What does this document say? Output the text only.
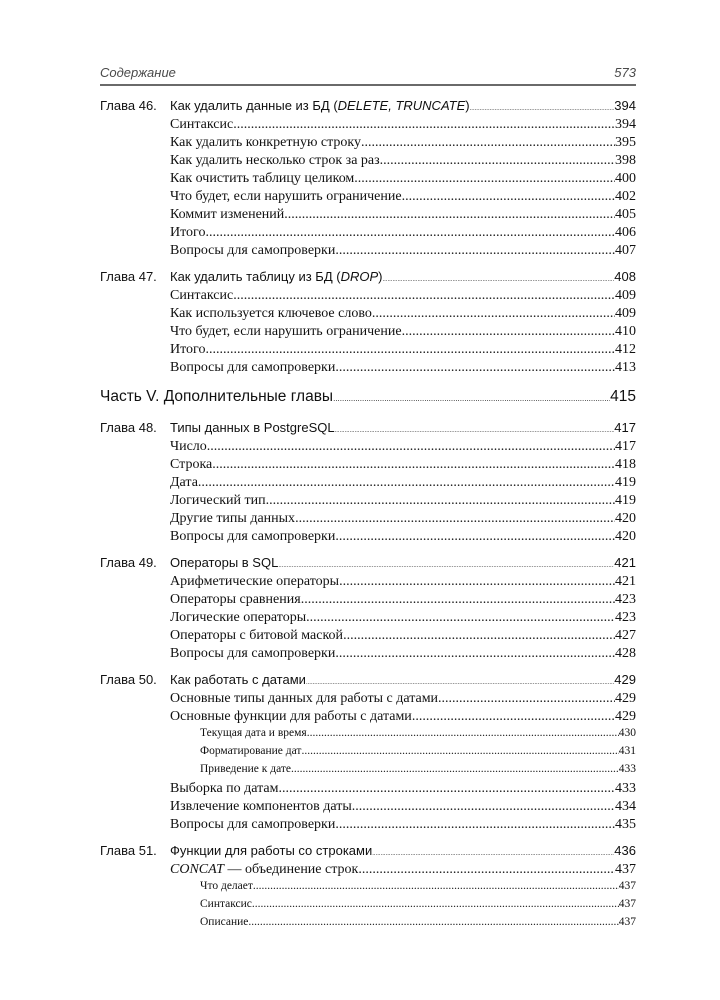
Содержание	573
Глава 46. Как удалить данные из БД (DELETE, TRUNCATE) .....	394
Синтаксис .....	394
Как удалить конкретную строку .....	395
Как удалить несколько строк за раз .....	398
Как очистить таблицу целиком .....	400
Что будет, если нарушить ограничение .....	402
Коммит изменений .....	405
Итого .....	406
Вопросы для самопроверки .....	407
Глава 47. Как удалить таблицу из БД (DROP) .....	408
Синтаксис .....	409
Как используется ключевое слово .....	409
Что будет, если нарушить ограничение .....	410
Итого .....	412
Вопросы для самопроверки .....	413
Часть V. Дополнительные главы .....	415
Глава 48. Типы данных в PostgreSQL .....	417
Число .....	417
Строка .....	418
Дата .....	419
Логический тип .....	419
Другие типы данных .....	420
Вопросы для самопроверки .....	420
Глава 49. Операторы в SQL .....	421
Арифметические операторы .....	421
Операторы сравнения .....	423
Логические операторы .....	423
Операторы с битовой маской .....	427
Вопросы для самопроверки .....	428
Глава 50. Как работать с датами .....	429
Основные типы данных для работы с датами .....	429
Основные функции для работы с датами .....	429
Текущая дата и время .....	430
Форматирование дат .....	431
Приведение к дате .....	433
Выборка по датам .....	433
Извлечение компонентов даты .....	434
Вопросы для самопроверки .....	435
Глава 51. Функции для работы со строками .....	436
CONCAT — объединение строк .....	437
Что делает .....	437
Синтаксис .....	437
Описание .....	437
